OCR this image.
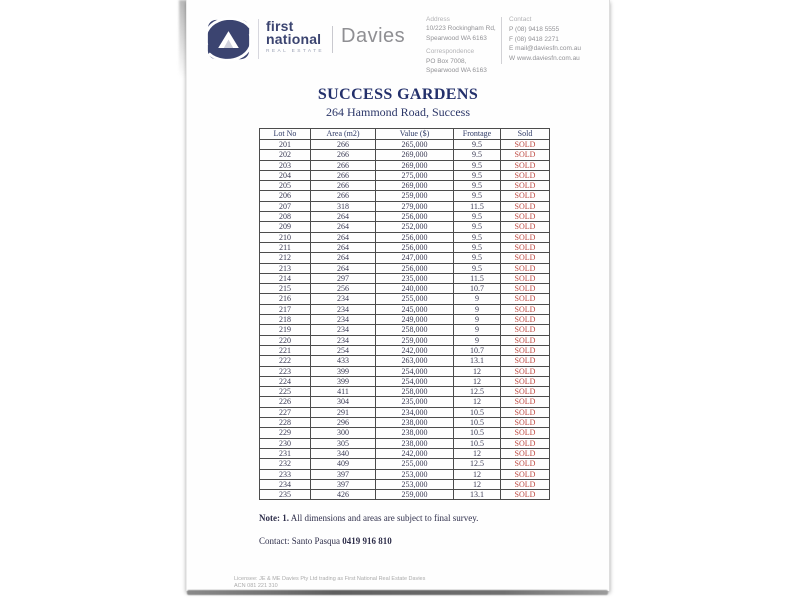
first
national
REAL ESTATE
Davies
Address
10/223 Rockingham Rd,
Spearwood WA 6163
Correspondence
PO Box 7008,
Spearwood WA 6163
Contact
P (08) 9418 5555
F (08) 9418 2271
E mail@daviesfn.com.au
W www.daviesfn.com.au
SUCCESS GARDENS
264 Hammond Road, Success
Lot No	Area (m2)	Value ($)	Frontage	Sold
201	266	265,000	9.5	SOLD
202	266	269,000	9.5	SOLD
203	266	269,000	9.5	SOLD
204	266	275,000	9.5	SOLD
205	266	269,000	9.5	SOLD
206	266	259,000	9.5	SOLD
207	318	279,000	11.5	SOLD
208	264	256,000	9.5	SOLD
209	264	252,000	9.5	SOLD
210	264	256,000	9.5	SOLD
211	264	256,000	9.5	SOLD
212	264	247,000	9.5	SOLD
213	264	256,000	9.5	SOLD
214	297	235,000	11.5	SOLD
215	256	240,000	10.7	SOLD
216	234	255,000	9	SOLD
217	234	245,000	9	SOLD
218	234	249,000	9	SOLD
219	234	258,000	9	SOLD
220	234	259,000	9	SOLD
221	254	242,000	10.7	SOLD
222	433	263,000	13.1	SOLD
223	399	254,000	12	SOLD
224	399	254,000	12	SOLD
225	411	258,000	12.5	SOLD
226	304	235,000	12	SOLD
227	291	234,000	10.5	SOLD
228	296	238,000	10.5	SOLD
229	300	238,000	10.5	SOLD
230	305	238,000	10.5	SOLD
231	340	242,000	12	SOLD
232	409	255,000	12.5	SOLD
233	397	253,000	12	SOLD
234	397	253,000	12	SOLD
235	426	259,000	13.1	SOLD
Note: 1. All dimensions and areas are subject to final survey.
Contact: Santo Pasqua 0419 916 810
Licensee: JE & ME Davies Pty Ltd trading as First National Real Estate Davies
ACN 081 221 310
